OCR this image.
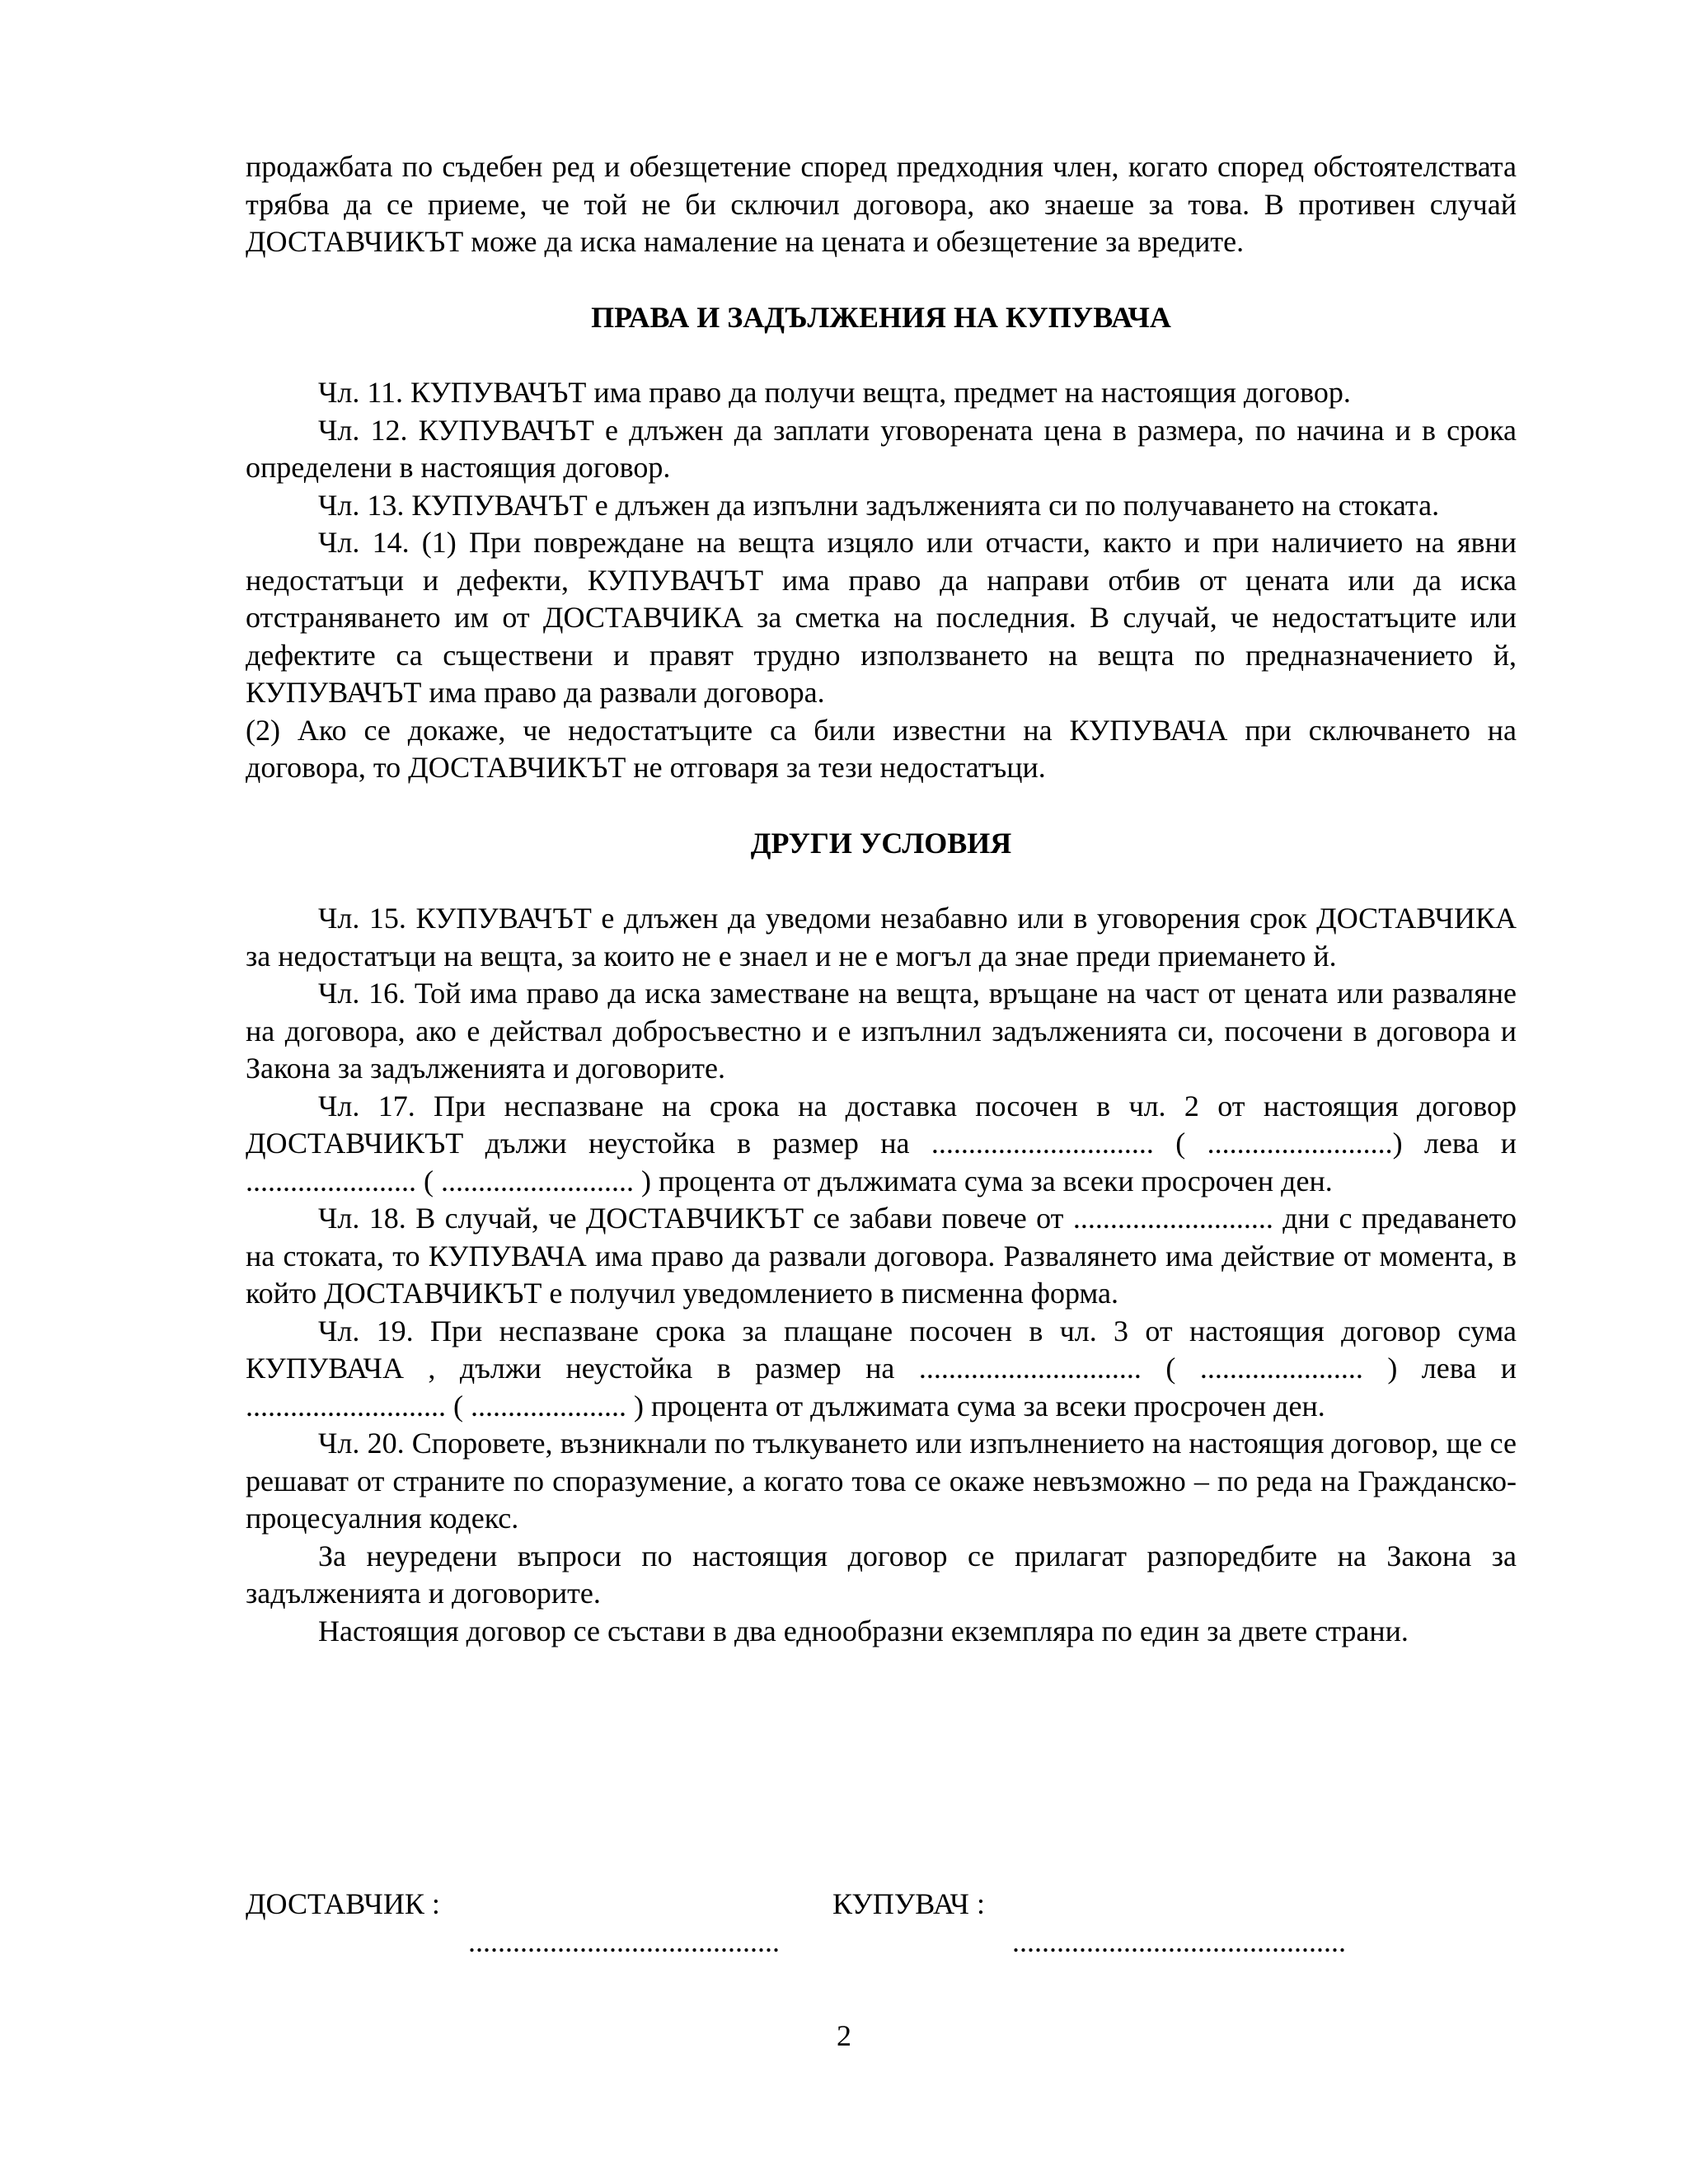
продажбата по съдебен ред и обезщетение според предходния член, когато според обстоятелствата трябва да се приеме, че той не би сключил договора, ако знаеше за това. В противен случай ДОСТАВЧИКЪТ може да иска намаление на цената и обезщетение за вредите.

ПРАВА И ЗАДЪЛЖЕНИЯ НА КУПУВАЧА

Чл. 11. КУПУВАЧЪТ има право да получи вещта, предмет на настоящия договор.

Чл. 12. КУПУВАЧЪТ е длъжен да заплати уговорената цена в размера, по начина и в срока определени в настоящия договор.

Чл. 13. КУПУВАЧЪТ е длъжен да изпълни задълженията си по получаването на стоката.

Чл. 14. (1) При повреждане на вещта изцяло или отчасти, както и при наличието на явни недостатъци и дефекти, КУПУВАЧЪТ има право да направи отбив от цената или да иска отстраняването им от ДОСТАВЧИКА за сметка на последния. В случай, че недостатъците или дефектите са съществени и правят трудно използването на вещта по предназначението й, КУПУВАЧЪТ има право да развали договора.

(2) Ако се докаже, че недостатъците са били известни на КУПУВАЧА при сключването на договора, то ДОСТАВЧИКЪТ не отговаря за тези недостатъци.

ДРУГИ УСЛОВИЯ

Чл. 15. КУПУВАЧЪТ е длъжен да уведоми незабавно или в уговорения срок ДОСТАВЧИКА за недостатъци на вещта, за които не е знаел и не е могъл да знае преди приемането й.

Чл. 16. Той има право да иска заместване на вещта, връщане на част от цената или разваляне на договора, ако е действал добросъвестно и е изпълнил задълженията си, посочени в договора и Закона за задълженията и договорите.

Чл. 17. При неспазване на срока на доставка посочен в чл. 2 от настоящия договор ДОСТАВЧИКЪТ дължи неустойка в размер на .............................. ( .........................) лева и ....................... ( .......................... ) процента от дължимата сума за всеки просрочен ден.

Чл. 18. В случай, че ДОСТАВЧИКЪТ се забави повече от ........................... дни с предаването на стоката, то КУПУВАЧА има право да развали договора. Развалянето има действие от момента, в който ДОСТАВЧИКЪТ е получил уведомлението в писменна форма.

Чл. 19. При неспазване срока за плащане посочен в чл. 3 от настоящия договор сума КУПУВАЧА , дължи неустойка в размер на .............................. ( ...................... ) лева и ........................... ( ..................... ) процента от дължимата сума за всеки просрочен ден.

Чл. 20. Споровете, възникнали по тълкуването или изпълнението на настоящия договор, ще се решават от страните по споразумение, а когато това се окаже невъзможно – по реда на Гражданско- процесуалния кодекс.

За неуредени въпроси по настоящия договор се прилагат разпоредбите на Закона за задълженията и договорите.

Настоящия договор се състави в два еднообразни екземпляра по един за двете страни.

ДОСТАВЧИК :	КУПУВАЧ :
..........................................	.............................................
2
